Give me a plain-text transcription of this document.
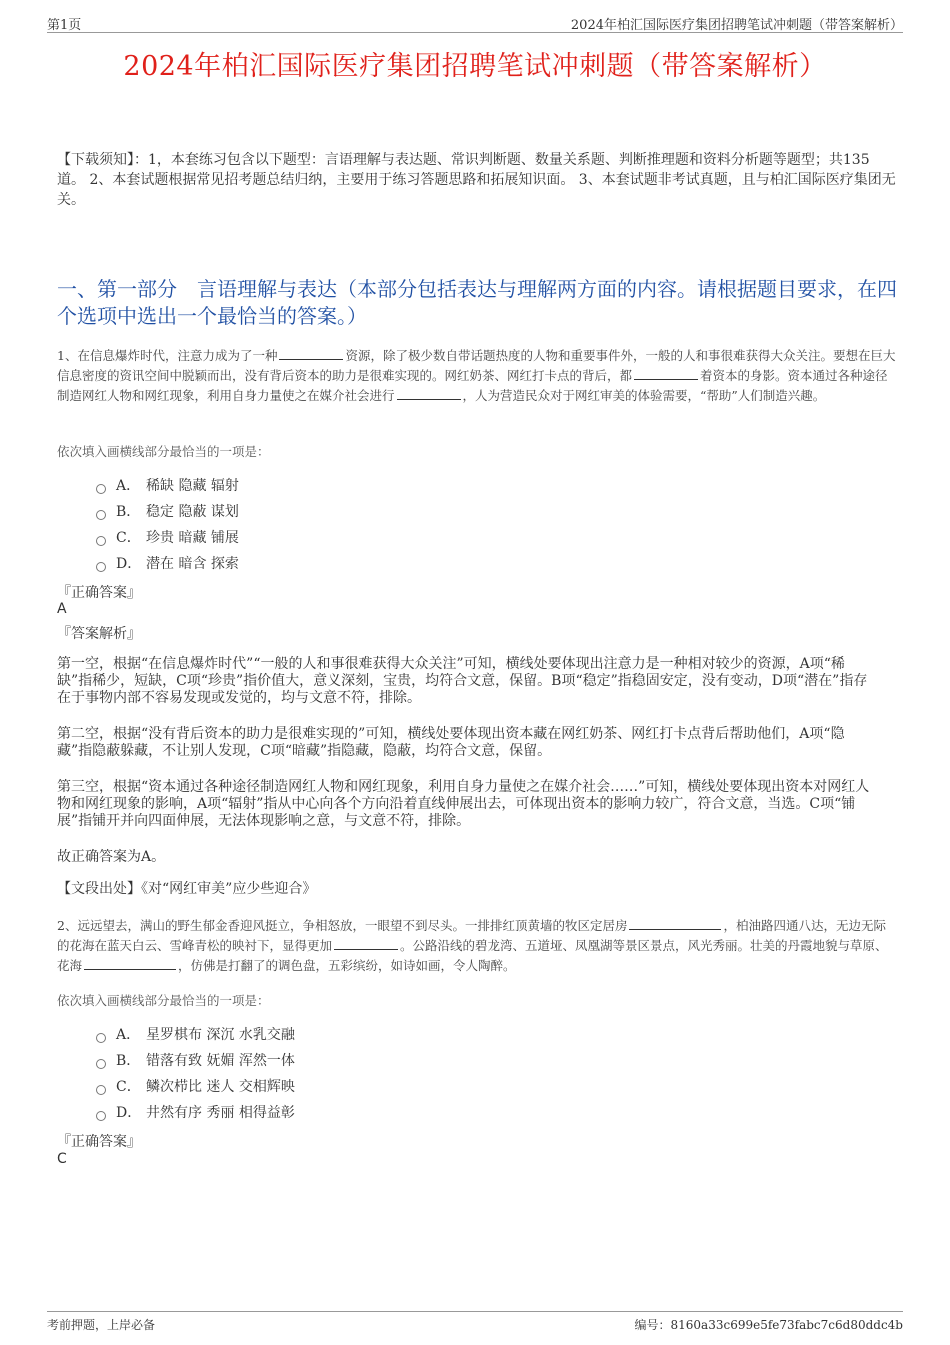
第1页	2024年柏汇国际医疗集团招聘笔试冲刺题（带答案解析）
2024年柏汇国际医疗集团招聘笔试冲刺题（带答案解析）
【下载须知】：1，本套练习包含以下题型：言语理解与表达题、常识判断题、数量关系题、判断推理题和资料分析题等题型；共135道。 2、本套试题根据常见招考题总结归纳，主要用于练习答题思路和拓展知识面。 3、本套试题非考试真题，且与柏汇国际医疗集团无关。
一、第一部分　言语理解与表达（本部分包括表达与理解两方面的内容。请根据题目要求，在四个选项中选出一个最恰当的答案。）
1、在信息爆炸时代，注意力成为了一种	资源，除了极少数自带话题热度的人物和重要事件外，一般的人和事很难获得大众关注。要想在巨大信息密度的资讯空间中脱颖而出，没有背后资本的助力是很难实现的。网红奶茶、网红打卡点的背后，都	着资本的身影。资本通过各种途径制造网红人物和网红现象，利用自身力量使之在媒介社会进行	，人为营造民众对于网红审美的体验需要，“帮助”人们制造兴趣。
依次填入画横线部分最恰当的一项是：
A． 稀缺 隐藏 辐射
B． 稳定 隐蔽 谋划
C． 珍贵 暗藏 铺展
D． 潜在 暗含 探索
『正确答案』
A
『答案解析』
第一空，根据“在信息爆炸时代”“一般的人和事很难获得大众关注”可知，横线处要体现出注意力是一种相对较少的资源，A项“稀缺”指稀少，短缺，C项“珍贵”指价值大，意义深刻，宝贵，均符合文意，保留。B项“稳定”指稳固安定，没有变动，D项“潜在”指存在于事物内部不容易发现或发觉的，均与文意不符，排除。
第二空，根据“没有背后资本的助力是很难实现的”可知，横线处要体现出资本藏在网红奶茶、网红打卡点背后帮助他们，A项“隐藏”指隐蔽躲藏，不让别人发现，C项“暗藏”指隐藏，隐蔽，均符合文意，保留。
第三空，根据“资本通过各种途径制造网红人物和网红现象，利用自身力量使之在媒介社会……”可知，横线处要体现出资本对网红人物和网红现象的影响，A项“辐射”指从中心向各个方向沿着直线伸展出去，可体现出资本的影响力较广，符合文意，当选。C项“铺展”指铺开并向四面伸展，无法体现影响之意，与文意不符，排除。
故正确答案为A。
【文段出处】《对“网红审美”应少些迎合》
2、远远望去，满山的野生郁金香迎风挺立，争相怒放，一眼望不到尽头。一排排红顶黄墙的牧区定居房	，柏油路四通八达，无边无际的花海在蓝天白云、雪峰青松的映衬下，显得更加	。公路沿线的碧龙湾、五道垭、凤凰湖等景区景点，风光秀丽。壮美的丹霞地貌与草原、花海	，仿佛是打翻了的调色盘，五彩缤纷，如诗如画，令人陶醉。
依次填入画横线部分最恰当的一项是：
A． 星罗棋布 深沉 水乳交融
B． 错落有致 妩媚 浑然一体
C． 鳞次栉比 迷人 交相辉映
D． 井然有序 秀丽 相得益彰
『正确答案』
C
考前押题，上岸必备	编号：8160a33c699e5fe73fabc7c6d80ddc4b
